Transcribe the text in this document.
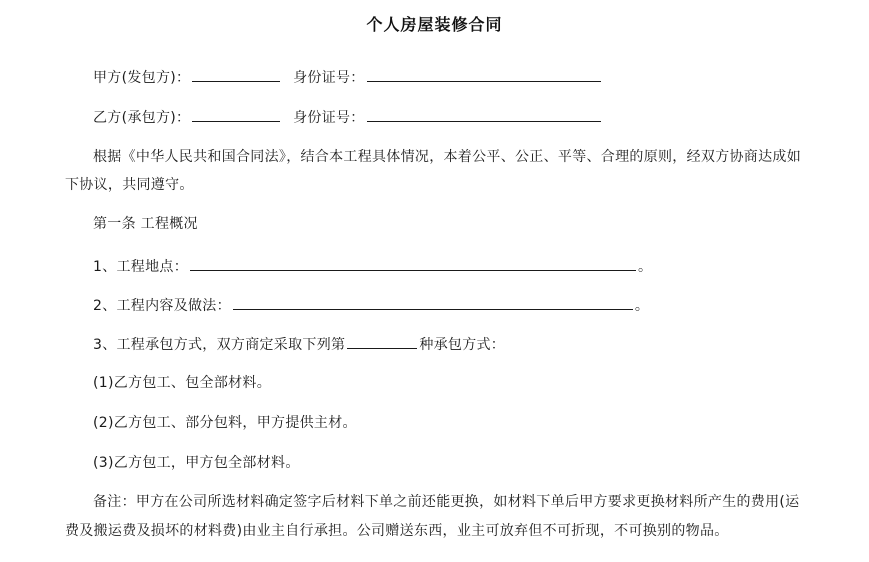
个人房屋装修合同
甲方(发包方)：	身份证号：
乙方(承包方)：	身份证号：
根据《中华人民共和国合同法》，结合本工程具体情况，本着公平、公正、平等、合理的原则，经双方协商达成如
下协议，共同遵守。
第一条 工程概况
1、工程地点：	。
2、工程内容及做法：	。
3、工程承包方式，双方商定采取下列第	种承包方式：
(1)乙方包工、包全部材料。
(2)乙方包工、部分包料，甲方提供主材。
(3)乙方包工，甲方包全部材料。
备注：甲方在公司所选材料确定签字后材料下单之前还能更换，如材料下单后甲方要求更换材料所产生的费用(运
费及搬运费及损坏的材料费)由业主自行承担。公司赠送东西，业主可放弃但不可折现，不可换别的物品。
